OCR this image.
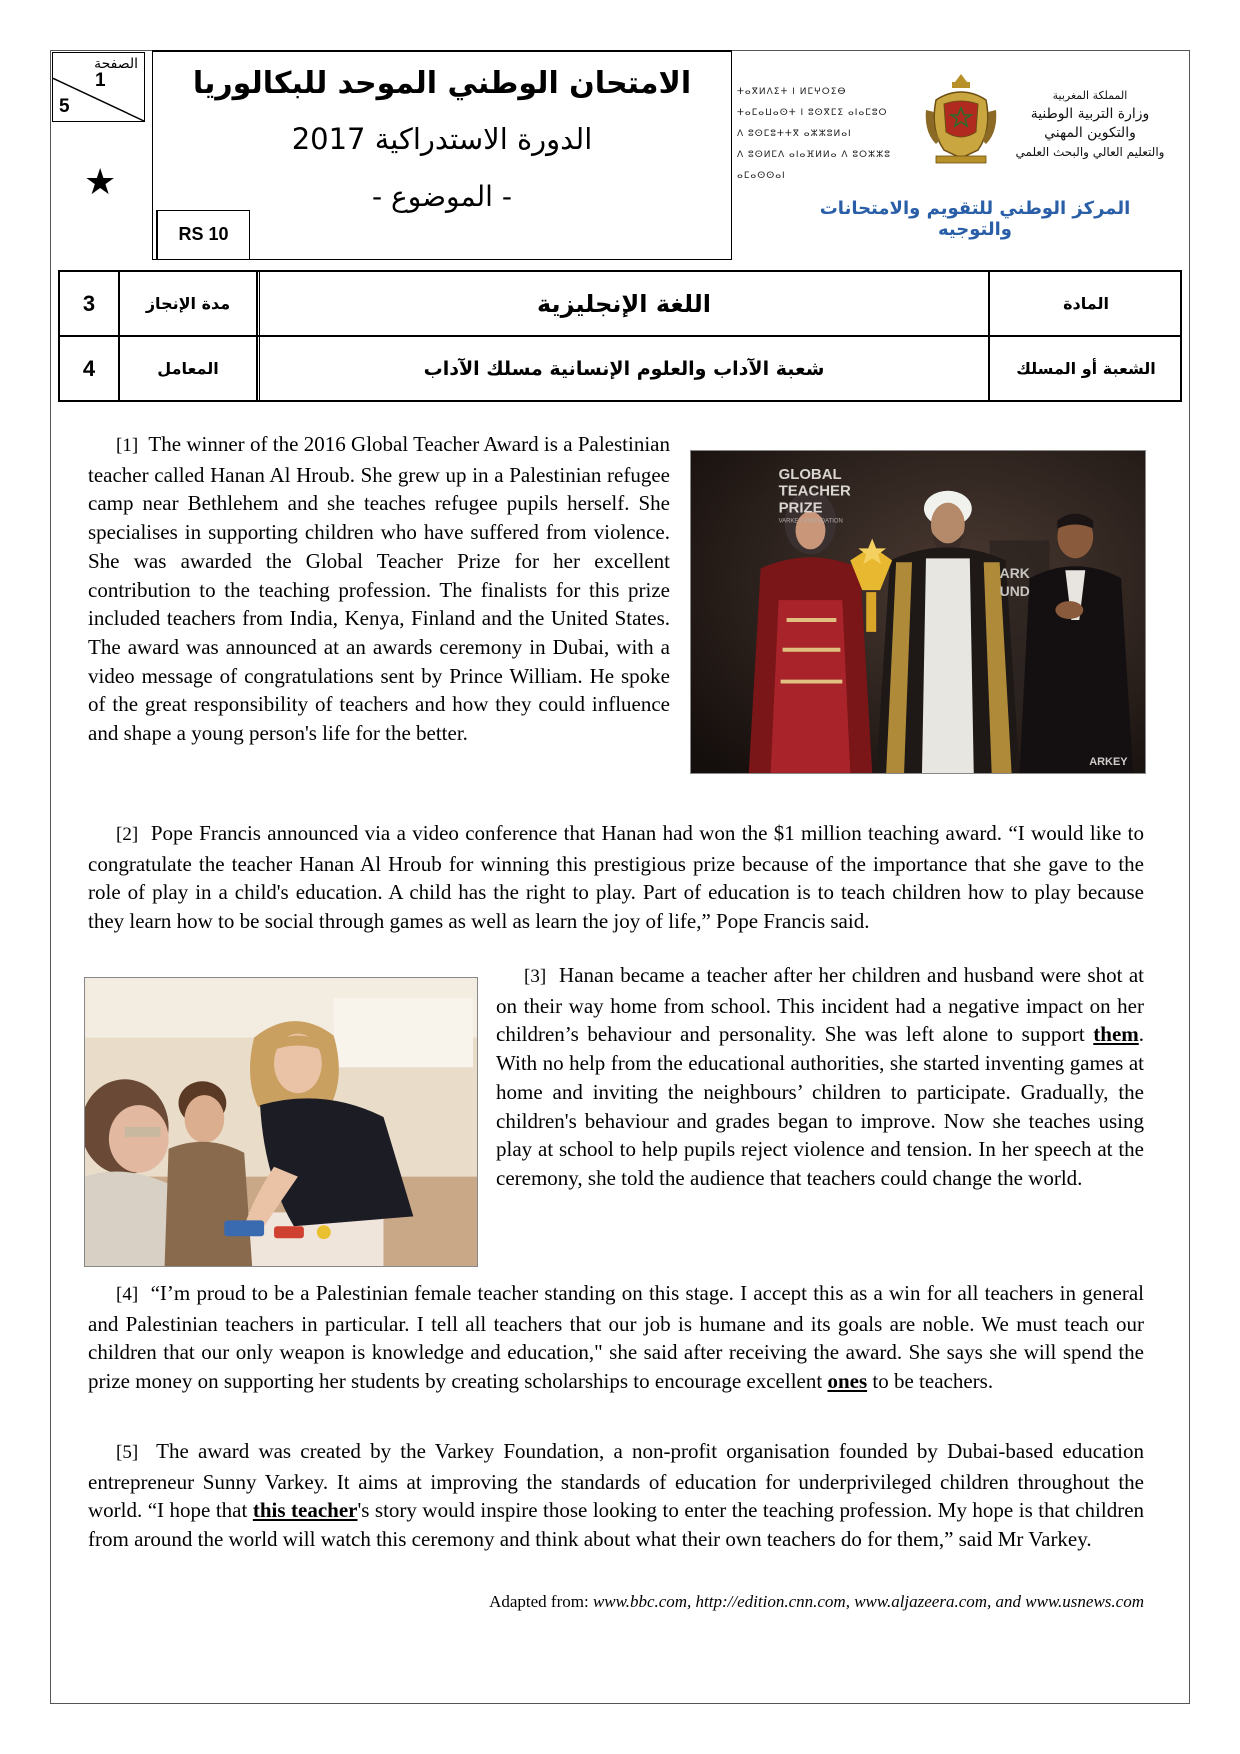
الصفحة
1
5
★
الامتحان الوطني الموحد للبكالوريا
الدورة الاستدراكية 2017
- الموضوع -
RS 10
ⵜⴰⴳⵍⴷⵉⵜ ⵏ ⵍⵎⵖⵔⵉⴱ
ⵜⴰⵎⴰⵡⴰⵙⵜ ⵏ ⵓⵙⴳⵎⵉ ⴰⵏⴰⵎⵓⵔ
ⴷ ⵓⵙⵎⵓⵜⵜⴳ ⴰⵣⵣⵓⵍⴰⵏ
ⴷ ⵓⵙⵍⵎⴷ ⴰⵏⴰⴼⵍⵍⴰ ⴷ ⵓⵔⵣⵣⵓ ⴰⵎⴰⵙⵙⴰⵏ
المملكة المغربية
وزارة التربية الوطنية
والتكوين المهني
والتعليم العالي والبحث العلمي
المركز الوطني للتقويم والامتحانات والتوجيه
3	مدة الإنجاز	اللغة الإنجليزية	المادة
4	المعامل	شعبة الآداب والعلوم الإنسانية مسلك الآداب	الشعبة أو المسلك
GLOBAL
TEACHER
PRIZE
VARKEY FOUNDATION
ARK
UND
ARKEY
[1] The winner of the 2016 Global Teacher Award is a Palestinian teacher called Hanan Al Hroub. She grew up in a Palestinian refugee camp near Bethlehem and she teaches refugee pupils herself. She specialises in supporting children who have suffered from violence. She was awarded the Global Teacher Prize for her excellent contribution to the teaching profession. The finalists for this prize included teachers from India, Kenya, Finland and the United States. The award was announced at an awards ceremony in Dubai, with a video message of congratulations sent by Prince William. He spoke of the great responsibility of teachers and how they could influence and shape a young person's life for the better.
[2] Pope Francis announced via a video conference that Hanan had won the $1 million teaching award. “I would like to congratulate the teacher Hanan Al Hroub for winning this prestigious prize because of the importance that she gave to the role of play in a child's education. A child has the right to play. Part of education is to teach children how to play because they learn how to be social through games as well as learn the joy of life,” Pope Francis said.
[3] Hanan became a teacher after her children and husband were shot at on their way home from school. This incident had a negative impact on her children’s behaviour and personality. She was left alone to support them. With no help from the educational authorities, she started inventing games at home and inviting the neighbours’ children to participate. Gradually, the children's behaviour and grades began to improve. Now she teaches using play at school to help pupils reject violence and tension. In her speech at the ceremony, she told the audience that teachers could change the world.
[4] “I’m proud to be a Palestinian female teacher standing on this stage. I accept this as a win for all teachers in general and Palestinian teachers in particular. I tell all teachers that our job is humane and its goals are noble. We must teach our children that our only weapon is knowledge and education," she said after receiving the award. She says she will spend the prize money on supporting her students by creating scholarships to encourage excellent ones to be teachers.
[5] The award was created by the Varkey Foundation, a non-profit organisation founded by Dubai-based education entrepreneur Sunny Varkey. It aims at improving the standards of education for underprivileged children throughout the world. “I hope that this teacher's story would inspire those looking to enter the teaching profession. My hope is that children from around the world will watch this ceremony and think about what their own teachers do for them,” said Mr Varkey.
Adapted from: www.bbc.com, http://edition.cnn.com, www.aljazeera.com, and www.usnews.com
